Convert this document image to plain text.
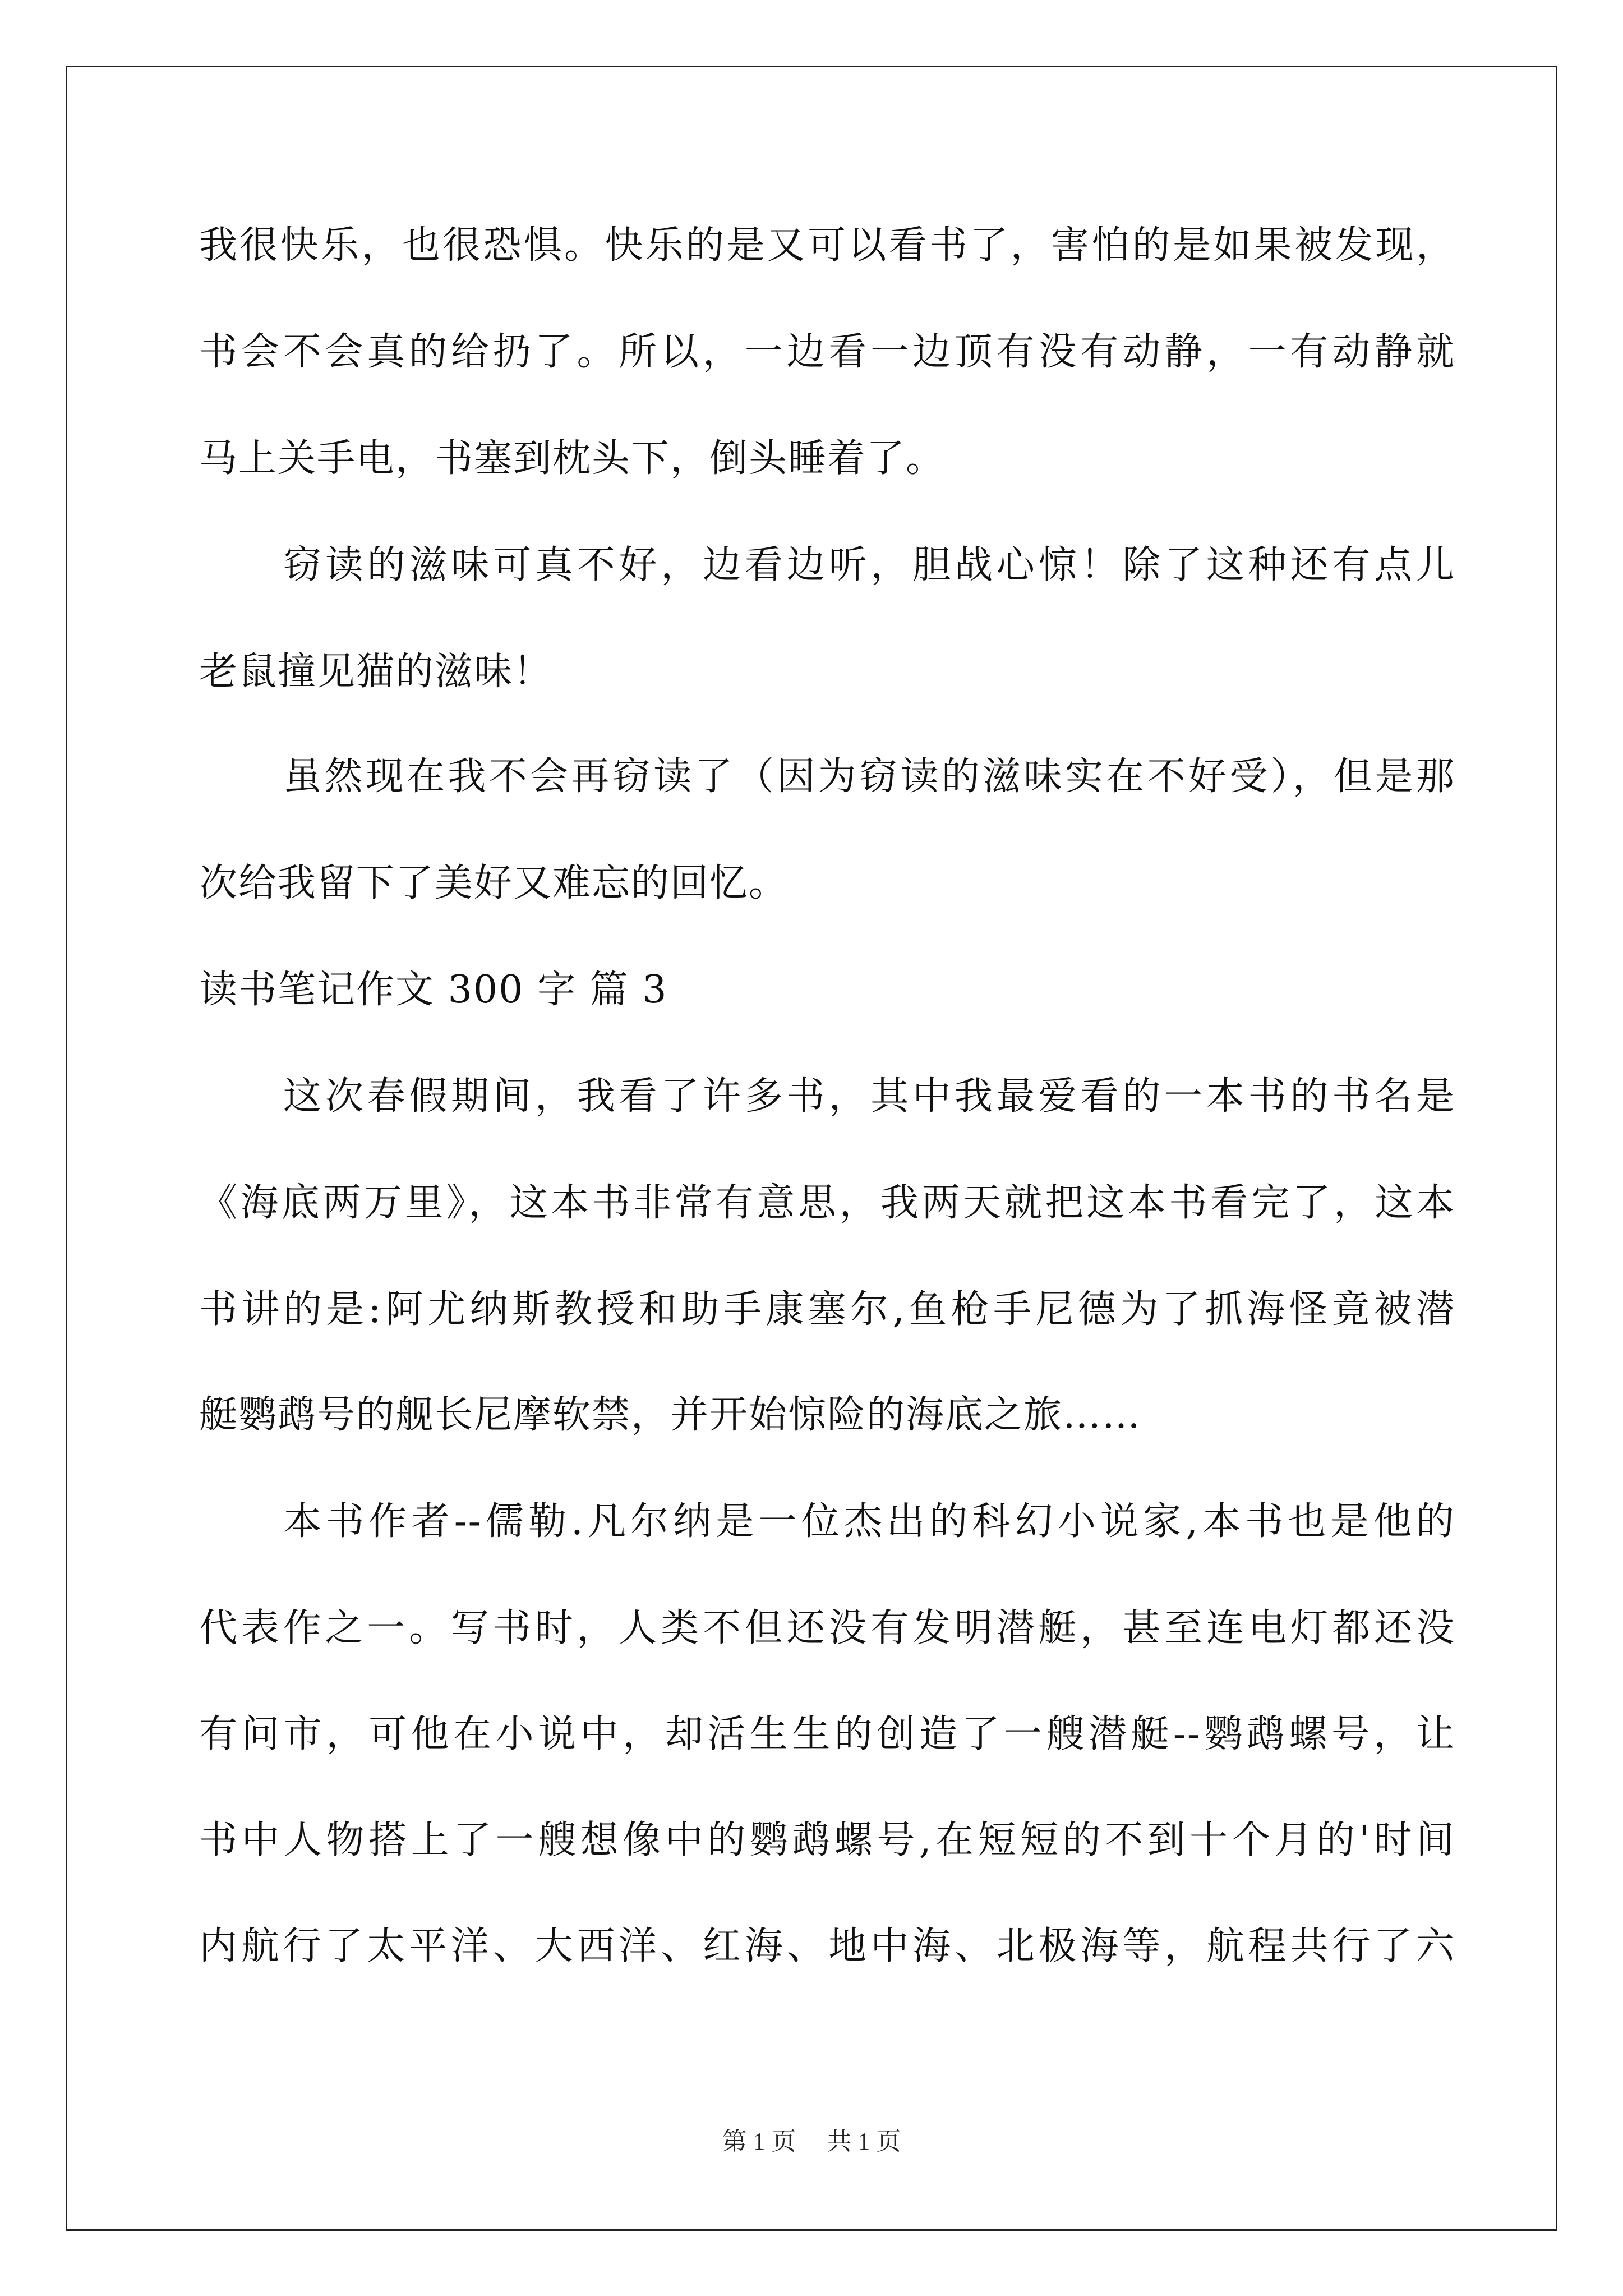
我很快乐，也很恐惧。快乐的是又可以看书了，害怕的是如果被发现，
书会不会真的给扔了。所以，一边看一边顶有没有动静，一有动静就
马上关手电，书塞到枕头下，倒头睡着了。
窃读的滋味可真不好，边看边听，胆战心惊！除了这种还有点儿
老鼠撞见猫的滋味！
虽然现在我不会再窃读了（因为窃读的滋味实在不好受），但是那
次给我留下了美好又难忘的回忆。
读书笔记作文 300 字 篇 3
这次春假期间，我看了许多书，其中我最爱看的一本书的书名是
《海底两万里》，这本书非常有意思，我两天就把这本书看完了，这本
书讲的是:阿尤纳斯教授和助手康塞尔,鱼枪手尼德为了抓海怪竟被潜
艇鹦鹉号的舰长尼摩软禁，并开始惊险的海底之旅……
本书作者--儒勒.凡尔纳是一位杰出的科幻小说家,本书也是他的
代表作之一。写书时，人类不但还没有发明潜艇，甚至连电灯都还没
有问市，可他在小说中，却活生生的创造了一艘潜艇--鹦鹉螺号，让
书中人物搭上了一艘想像中的鹦鹉螺号,在短短的不到十个月的'时间
内航行了太平洋、大西洋、红海、地中海、北极海等，航程共行了六
第 1 页 共 1 页
